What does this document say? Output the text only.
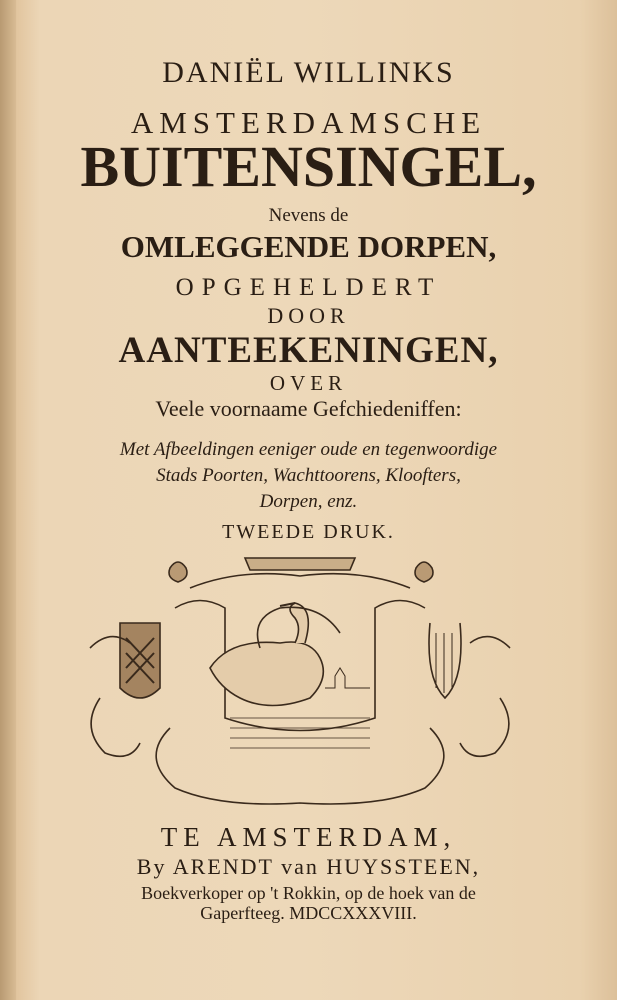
DANIËL WILLINKS
AMSTERDAMSCHE
BUITENSINGEL,
Nevens de
OMLEGGENDE DORPEN,
OPGEHELDERT
DOOR
AANTEEKENINGEN,
OVER
Veele voornaame Gefchiedeniffen:
Met Afbeeldingen eeniger oude en tegenwoordige
Stads Poorten, Wachttoorens, Kloofters,
Dorpen, enz.
TWEEDE DRUK.
TE AMSTERDAM,
By ARENDT van HUYSSTEEN,
Boekverkoper op 't Rokkin, op de hoek van de
Gaperfteeg. MDCCXXXVIII.
